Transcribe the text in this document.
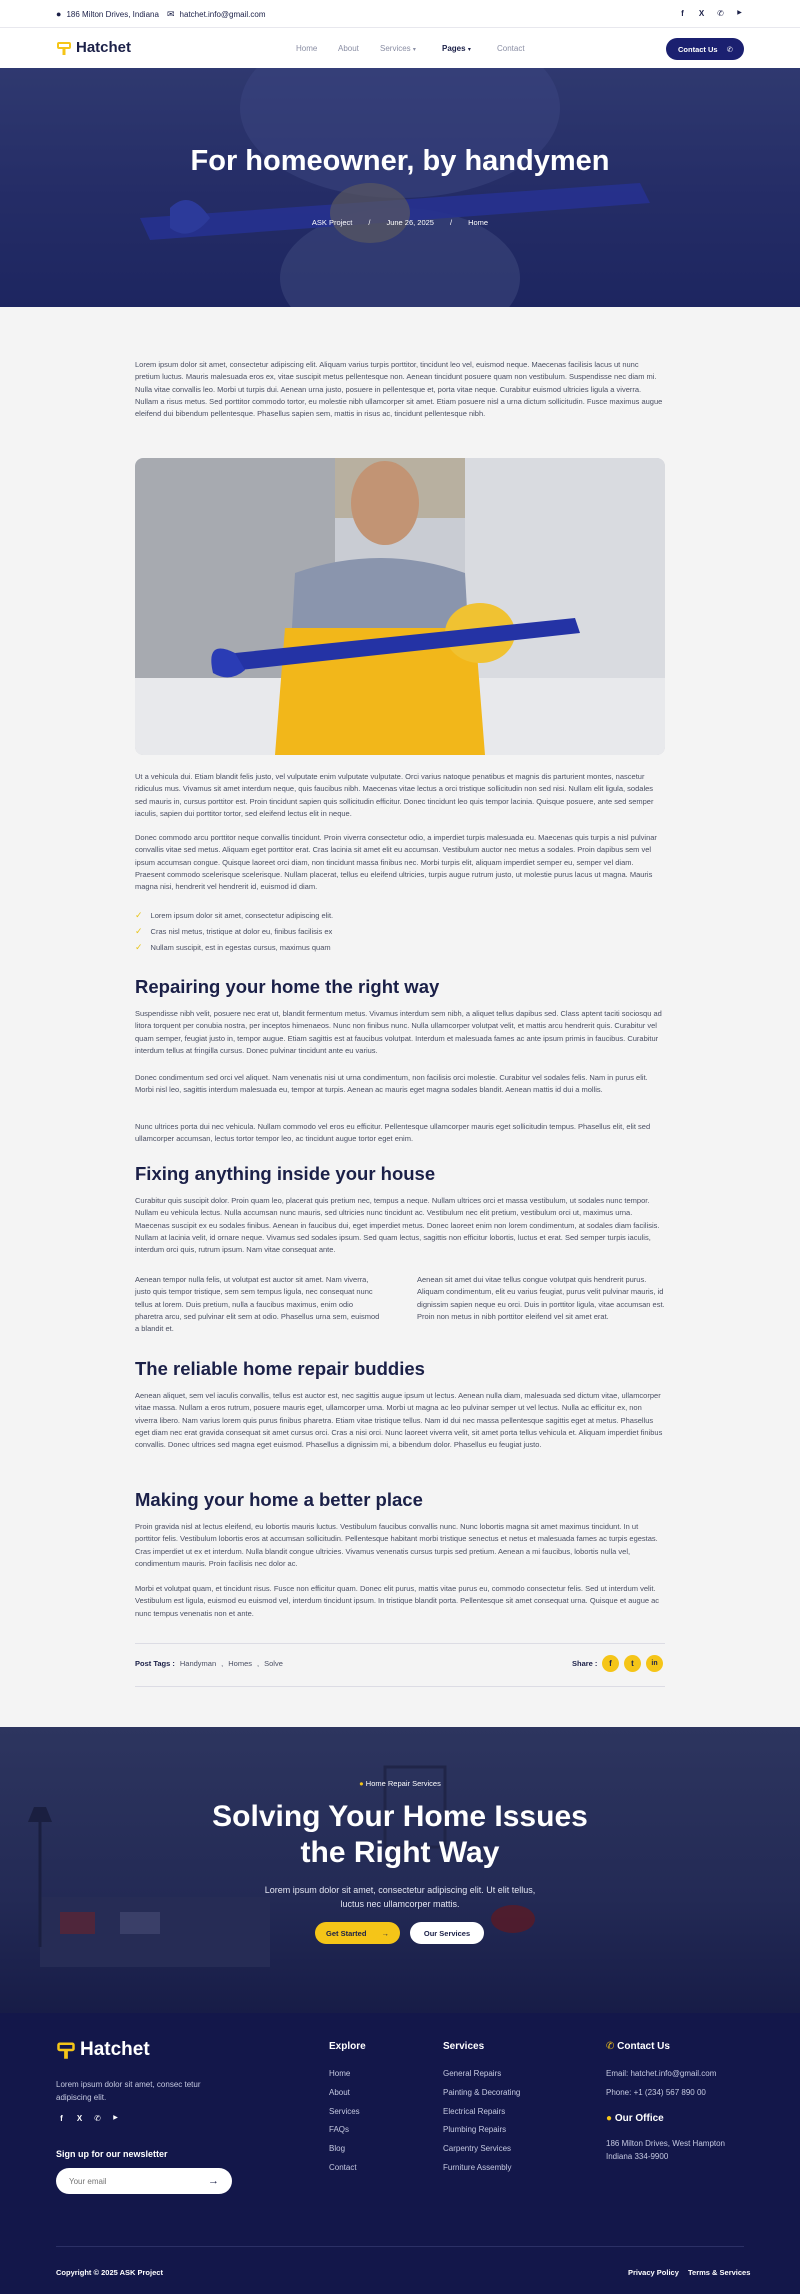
● 186 Milton Drives, Indiana ✉ hatchet.info@gmail.com	f	X	✆	▶
Hatchet	Home	About	Services ▾	Pages ▾	Contact	Contact Us ✆
For homeowner, by handymen
ASK Project / June 26, 2025 / Home

Lorem ipsum dolor sit amet, consectetur adipiscing elit. Aliquam varius turpis porttitor, tincidunt leo vel, euismod neque. Maecenas facilisis lacus ut nunc pretium luctus. Mauris malesuada eros ex, vitae suscipit metus pellentesque non. Aenean tincidunt posuere quam non vestibulum. Suspendisse nec diam mi. Nulla vitae convallis leo. Morbi ut turpis dui. Aenean urna justo, posuere in pellentesque et, porta vitae neque. Curabitur euismod ultricies ligula a viverra. Nullam a risus metus. Sed porttitor commodo tortor, eu molestie nibh ullamcorper sit amet. Etiam posuere nisl a urna dictum sollicitudin. Fusce maximus augue eleifend dui bibendum pellentesque. Phasellus sapien sem, mattis in risus ac, tincidunt pellentesque nibh.

Ut a vehicula dui. Etiam blandit felis justo, vel vulputate enim vulputate vulputate. Orci varius natoque penatibus et magnis dis parturient montes, nascetur ridiculus mus. Vivamus sit amet interdum neque, quis faucibus nibh. Maecenas vitae lectus a orci tristique sollicitudin non sed nisi. Nullam elit ligula, sodales sed mauris in, cursus porttitor est. Proin tincidunt sapien quis sollicitudin efficitur. Donec tincidunt leo quis tempor lacinia. Quisque posuere, ante sed semper iaculis, sapien dui porttitor tortor, sed eleifend lectus elit in neque.

Donec commodo arcu porttitor neque convallis tincidunt. Proin viverra consectetur odio, a imperdiet turpis malesuada eu. Maecenas quis turpis a nisl pulvinar convallis vitae sed metus. Aliquam eget porttitor erat. Cras lacinia sit amet elit eu accumsan. Vestibulum auctor nec metus a sodales. Proin dapibus sem vel ipsum accumsan congue. Quisque laoreet orci diam, non tincidunt massa finibus nec. Morbi turpis elit, aliquam imperdiet semper eu, semper vel diam. Praesent commodo scelerisque scelerisque. Nullam placerat, tellus eu eleifend ultricies, turpis augue rutrum justo, ut molestie purus lacus ut magna. Mauris magna nisi, hendrerit vel hendrerit id, euismod id diam.

✓ Lorem ipsum dolor sit amet, consectetur adipiscing elit.
✓ Cras nisl metus, tristique at dolor eu, finibus facilisis ex
✓ Nullam suscipit, est in egestas cursus, maximus quam
Repairing your home the right way

Suspendisse nibh velit, posuere nec erat ut, blandit fermentum metus. Vivamus interdum sem nibh, a aliquet tellus dapibus sed. Class aptent taciti sociosqu ad litora torquent per conubia nostra, per inceptos himenaeos. Nunc non finibus nunc. Nulla ullamcorper volutpat velit, et mattis arcu hendrerit quis. Curabitur vel quam semper, feugiat justo in, tempor augue. Etiam sagittis est at faucibus volutpat. Interdum et malesuada fames ac ante ipsum primis in faucibus. Curabitur interdum tellus at fringilla cursus. Donec pulvinar tincidunt ante eu varius.

Donec condimentum sed orci vel aliquet. Nam venenatis nisi ut urna condimentum, non facilisis orci molestie. Curabitur vel sodales felis. Nam in purus elit. Morbi nisl leo, sagittis interdum malesuada eu, tempor at turpis. Aenean ac mauris eget magna sodales blandit. Aenean mattis id dui a mollis.

Nunc ultrices porta dui nec vehicula. Nullam commodo vel eros eu efficitur. Pellentesque ullamcorper mauris eget sollicitudin tempus. Phasellus elit, elit sed ullamcorper accumsan, lectus tortor tempor leo, ac tincidunt augue tortor eget enim.

Fixing anything inside your house

Curabitur quis suscipit dolor. Proin quam leo, placerat quis pretium nec, tempus a neque. Nullam ultrices orci et massa vestibulum, ut sodales nunc tempor. Nullam eu vehicula lectus. Nulla accumsan nunc mauris, sed ultricies nunc tincidunt ac. Vestibulum nec elit pretium, vestibulum orci ut, maximus urna. Maecenas suscipit ex eu sodales finibus. Aenean in faucibus dui, eget imperdiet metus. Donec laoreet enim non lorem condimentum, at sodales diam facilisis. Nullam at lacinia velit, id ornare neque. Vivamus sed sodales ipsum. Sed quam lectus, sagittis non efficitur lobortis, luctus et erat. Sed semper turpis iaculis, interdum orci quis, rutrum ipsum. Nam vitae consequat ante.

Aenean tempor nulla felis, ut volutpat est auctor sit amet. Nam viverra, justo quis tempor tristique, sem sem tempus ligula, nec consequat nunc tellus at lorem. Duis pretium, nulla a faucibus maximus, enim odio pharetra arcu, sed pulvinar elit sem at odio. Phasellus urna sem, euismod a blandit et.

Aenean sit amet dui vitae tellus congue volutpat quis hendrerit purus. Aliquam condimentum, elit eu varius feugiat, purus velit pulvinar mauris, id dignissim sapien neque eu orci. Duis in porttitor ligula, vitae accumsan est. Proin non metus in nibh porttitor eleifend vel sit amet erat.

The reliable home repair buddies

Aenean aliquet, sem vel iaculis convallis, tellus est auctor est, nec sagittis augue ipsum ut lectus. Aenean nulla diam, malesuada sed dictum vitae, ullamcorper vitae massa. Nullam a eros rutrum, posuere mauris eget, ullamcorper urna. Morbi ut magna ac leo pulvinar semper ut vel lectus. Nulla ac efficitur ex, non viverra libero. Nam varius lorem quis purus finibus pharetra. Etiam vitae tristique tellus. Nam id dui nec massa pellentesque sagittis eget at metus. Phasellus eget diam nec erat gravida consequat sit amet cursus orci. Cras a nisi orci. Nunc laoreet viverra velit, sit amet porta tellus vehicula et. Aliquam imperdiet finibus convallis. Donec ultrices sed magna eget euismod. Phasellus a dignissim mi, a bibendum dolor. Phasellus eu feugiat justo.

Making your home a better place

Proin gravida nisl at lectus eleifend, eu lobortis mauris luctus. Vestibulum faucibus convallis nunc. Nunc lobortis magna sit amet maximus tincidunt. In ut porttitor felis. Vestibulum lobortis eros at accumsan sollicitudin. Pellentesque habitant morbi tristique senectus et netus et malesuada fames ac turpis egestas. Cras imperdiet ut ex et interdum. Nulla blandit congue ultricies. Vivamus venenatis cursus turpis sed pretium. Aenean a mi faucibus, lobortis nulla vel, condimentum mauris. Proin facilisis nec dolor ac.

Morbi et volutpat quam, et tincidunt risus. Fusce non efficitur quam. Donec elit purus, mattis vitae purus eu, commodo consectetur felis. Sed ut interdum velit. Vestibulum est ligula, euismod eu euismod vel, interdum tincidunt ipsum. In tristique blandit porta. Pellentesque sit amet consequat urna. Quisque et augue ac nunc tempus venenatis non et ante.

Post Tags : Handyman , Homes , Solve	Share :	f	t	in
● Home Repair Services
Solving Your Home Issues the Right Way

Lorem ipsum dolor sit amet, consectetur adipiscing elit. Ut elit tellus, luctus nec ullamcorper mattis.

Get Started →	Our Services
Hatchet

Lorem ipsum dolor sit amet, consec tetur adipiscing elit.

f	X	✆	▶
Sign up for our newsletter
Your email
→
Explore
Home
About
Services
FAQs
Blog
Contact
Services
General Repairs
Painting & Decorating
Electrical Repairs
Plumbing Repairs
Carpentry Services
Furniture Assembly
✆ Contact Us
Email: hatchet.info@gmail.com
Phone: +1 (234) 567 890 00
● Our Office

186 Milton Drives, West Hampton Indiana 334-9900

Copyright © 2025 ASK Project	Privacy Policy Terms & Services
